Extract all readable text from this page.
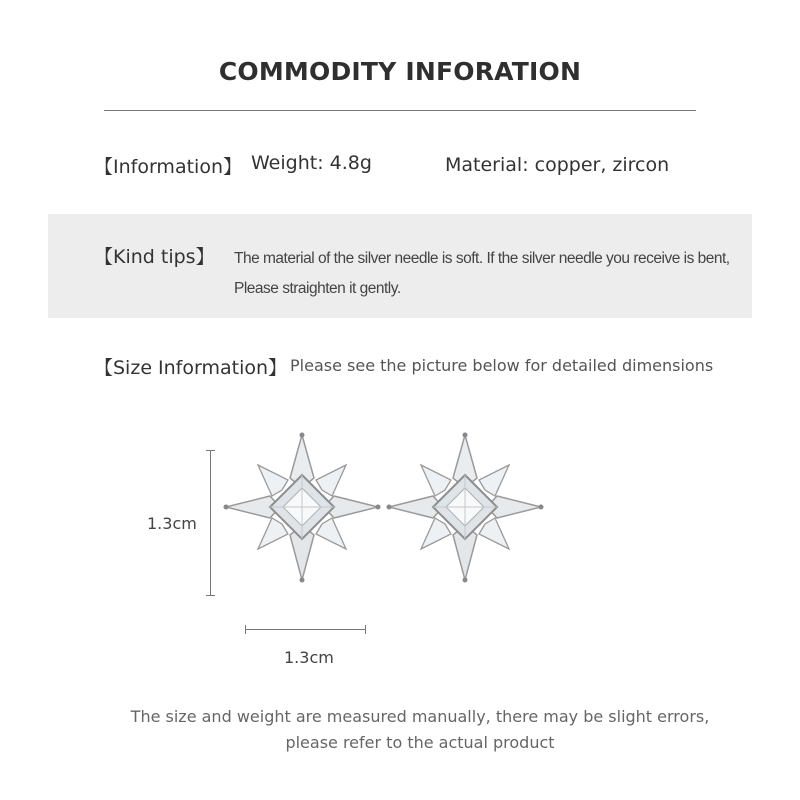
COMMODITY INFORATION
【Information】 Weight: 4.8g	Material: copper, zircon
【Kind tips】 The material of the silver needle is soft. If the silver needle you receive is bent,
Please straighten it gently.
【Size Information】 Please see the picture below for detailed dimensions
1.3cm
1.3cm
The size and weight are measured manually, there may be slight errors,
please refer to the actual product
